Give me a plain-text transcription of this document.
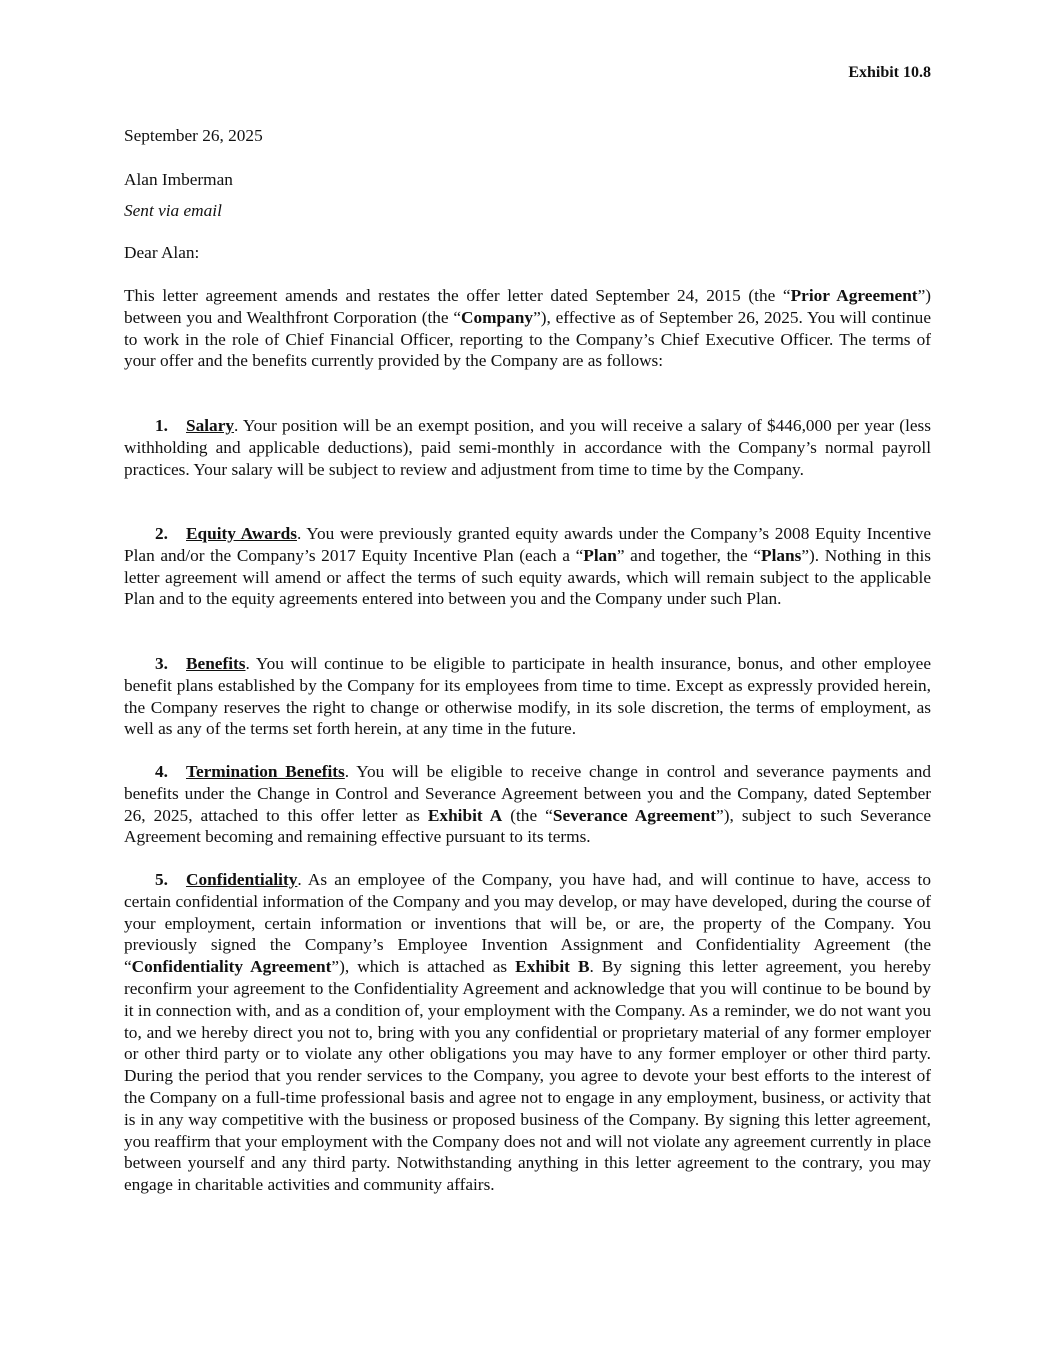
Exhibit 10.8
September 26, 2025
Alan Imberman
Sent via email
Dear Alan:

This letter agreement amends and restates the offer letter dated September 24, 2015 (the “Prior Agreement”) between you and Wealthfront Corporation (the “Company”), effective as of September 26, 2025. You will continue to work in the role of Chief Financial Officer, reporting to the Company’s Chief Executive Officer. The terms of your offer and the benefits currently provided by the Company are as follows:

1. Salary. Your position will be an exempt position, and you will receive a salary of $446,000 per year (less withholding and applicable deductions), paid semi-monthly in accordance with the Company’s normal payroll practices. Your salary will be subject to review and adjustment from time to time by the Company.

2. Equity Awards. You were previously granted equity awards under the Company’s 2008 Equity Incentive Plan and/or the Company’s 2017 Equity Incentive Plan (each a “Plan” and together, the “Plans”). Nothing in this letter agreement will amend or affect the terms of such equity awards, which will remain subject to the applicable Plan and to the equity agreements entered into between you and the Company under such Plan.

3. Benefits. You will continue to be eligible to participate in health insurance, bonus, and other employee benefit plans established by the Company for its employees from time to time. Except as expressly provided herein, the Company reserves the right to change or otherwise modify, in its sole discretion, the terms of employment, as well as any of the terms set forth herein, at any time in the future.

4. Termination Benefits. You will be eligible to receive change in control and severance payments and benefits under the Change in Control and Severance Agreement between you and the Company, dated September 26, 2025, attached to this offer letter as Exhibit A (the “Severance Agreement”), subject to such Severance Agreement becoming and remaining effective pursuant to its terms.

5. Confidentiality. As an employee of the Company, you have had, and will continue to have, access to certain confidential information of the Company and you may develop, or may have developed, during the course of your employment, certain information or inventions that will be, or are, the property of the Company. You previously signed the Company’s Employee Invention Assignment and Confidentiality Agreement (the “Confidentiality Agreement”), which is attached as Exhibit B. By signing this letter agreement, you hereby reconfirm your agreement to the Confidentiality Agreement and acknowledge that you will continue to be bound by it in connection with, and as a condition of, your employment with the Company. As a reminder, we do not want you to, and we hereby direct you not to, bring with you any confidential or proprietary material of any former employer or other third party or to violate any other obligations you may have to any former employer or other third party. During the period that you render services to the Company, you agree to devote your best efforts to the interest of the Company on a full-time professional basis and agree not to engage in any employment, business, or activity that is in any way competitive with the business or proposed business of the Company. By signing this letter agreement, you reaffirm that your employment with the Company does not and will not violate any agreement currently in place between yourself and any third party. Notwithstanding anything in this letter agreement to the contrary, you may engage in charitable activities and community affairs.
